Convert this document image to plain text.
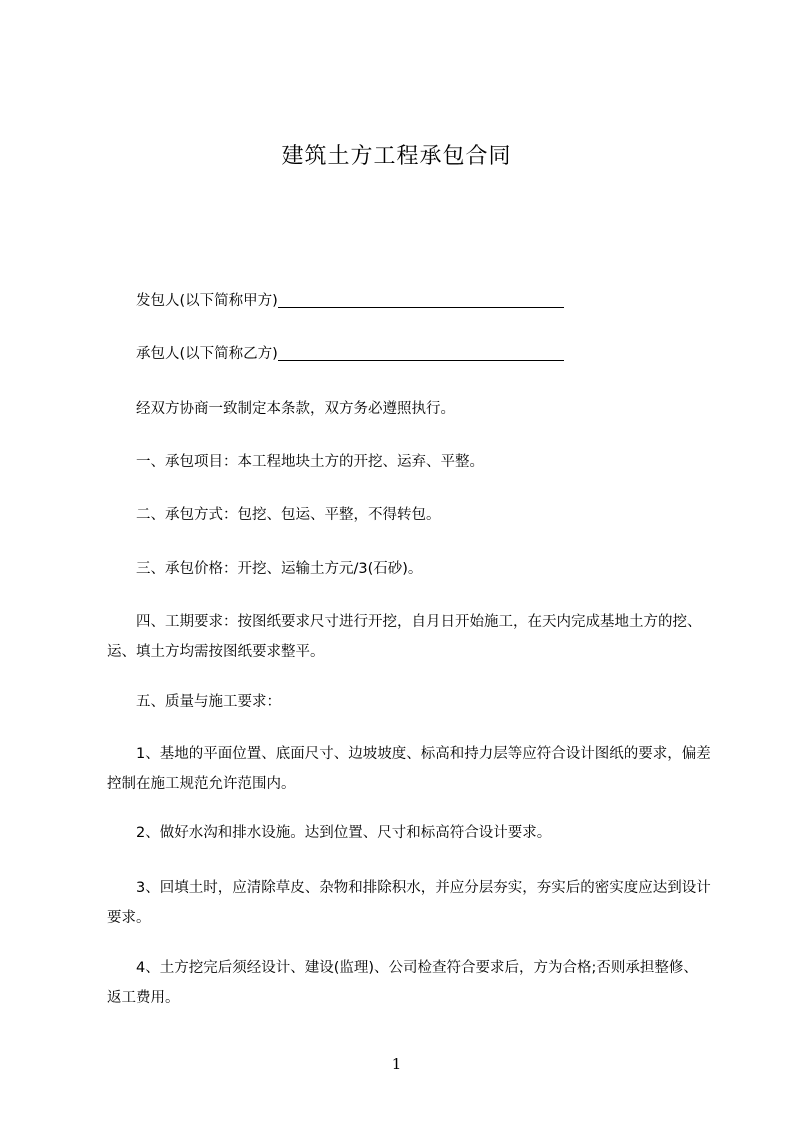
建筑土方工程承包合同

发包人(以下简称甲方)

承包人(以下简称乙方)

经双方协商一致制定本条款，双方务必遵照执行。

一、承包项目：本工程地块土方的开挖、运弃、平整。

二、承包方式：包挖、包运、平整，不得转包。

三、承包价格：开挖、运输土方元/3(石砂)。

四、工期要求：按图纸要求尺寸进行开挖，自月日开始施工，在天内完成基地土方的挖、运、填土方均需按图纸要求整平。

五、质量与施工要求：

1、基地的平面位置、底面尺寸、边坡坡度、标高和持力层等应符合设计图纸的要求，偏差控制在施工规范允许范围内。

2、做好水沟和排水设施。达到位置、尺寸和标高符合设计要求。

3、回填土时，应清除草皮、杂物和排除积水，并应分层夯实，夯实后的密实度应达到设计要求。

4、土方挖完后须经设计、建设(监理)、公司检查符合要求后，方为合格;否则承担整修、返工费用。

1
